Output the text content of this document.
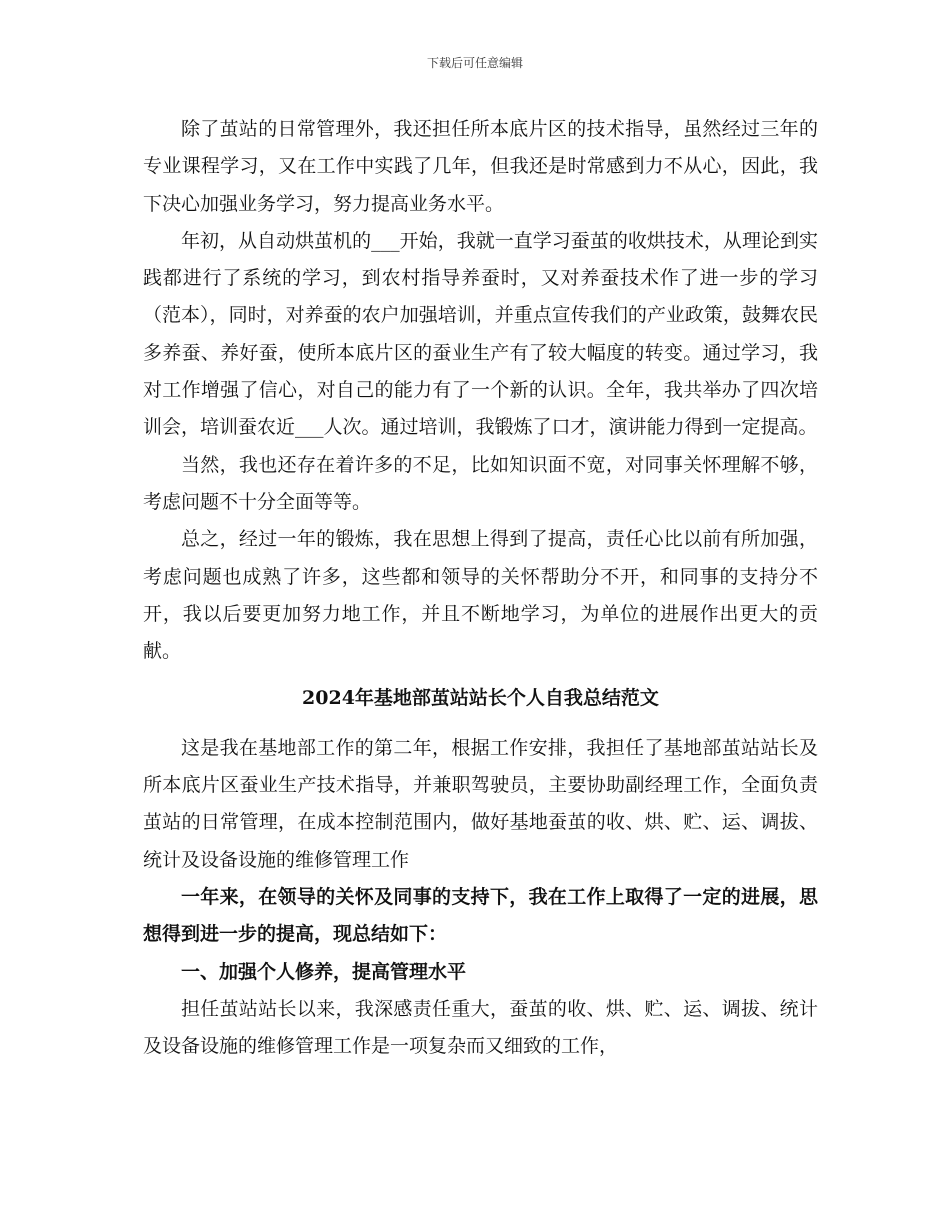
下载后可任意编辑

除了茧站的日常管理外，我还担任所本底片区的技术指导，虽然经过三年的专业课程学习，又在工作中实践了几年，但我还是时常感到力不从心，因此，我下决心加强业务学习，努力提高业务水平。

年初，从自动烘茧机的___开始，我就一直学习蚕茧的收烘技术，从理论到实践都进行了系统的学习，到农村指导养蚕时，又对养蚕技术作了进一步的学习（范本），同时，对养蚕的农户加强培训，并重点宣传我们的产业政策，鼓舞农民多养蚕、养好蚕，使所本底片区的蚕业生产有了较大幅度的转变。通过学习，我对工作增强了信心，对自己的能力有了一个新的认识。全年，我共举办了四次培训会，培训蚕农近___人次。通过培训，我锻炼了口才，演讲能力得到一定提高。

当然，我也还存在着许多的不足，比如知识面不宽，对同事关怀理解不够，考虑问题不十分全面等等。

总之，经过一年的锻炼，我在思想上得到了提高，责任心比以前有所加强，考虑问题也成熟了许多，这些都和领导的关怀帮助分不开，和同事的支持分不开，我以后要更加努力地工作，并且不断地学习，为单位的进展作出更大的贡献。

2024年基地部茧站站长个人自我总结范文

这是我在基地部工作的第二年，根据工作安排，我担任了基地部茧站站长及所本底片区蚕业生产技术指导，并兼职驾驶员，主要协助副经理工作，全面负责茧站的日常管理，在成本控制范围内，做好基地蚕茧的收、烘、贮、运、调拔、统计及设备设施的维修管理工作

一年来，在领导的关怀及同事的支持下，我在工作上取得了一定的进展，思想得到进一步的提高，现总结如下：

一、加强个人修养，提高管理水平

担任茧站站长以来，我深感责任重大，蚕茧的收、烘、贮、运、调拔、统计及设备设施的维修管理工作是一项复杂而又细致的工作，
